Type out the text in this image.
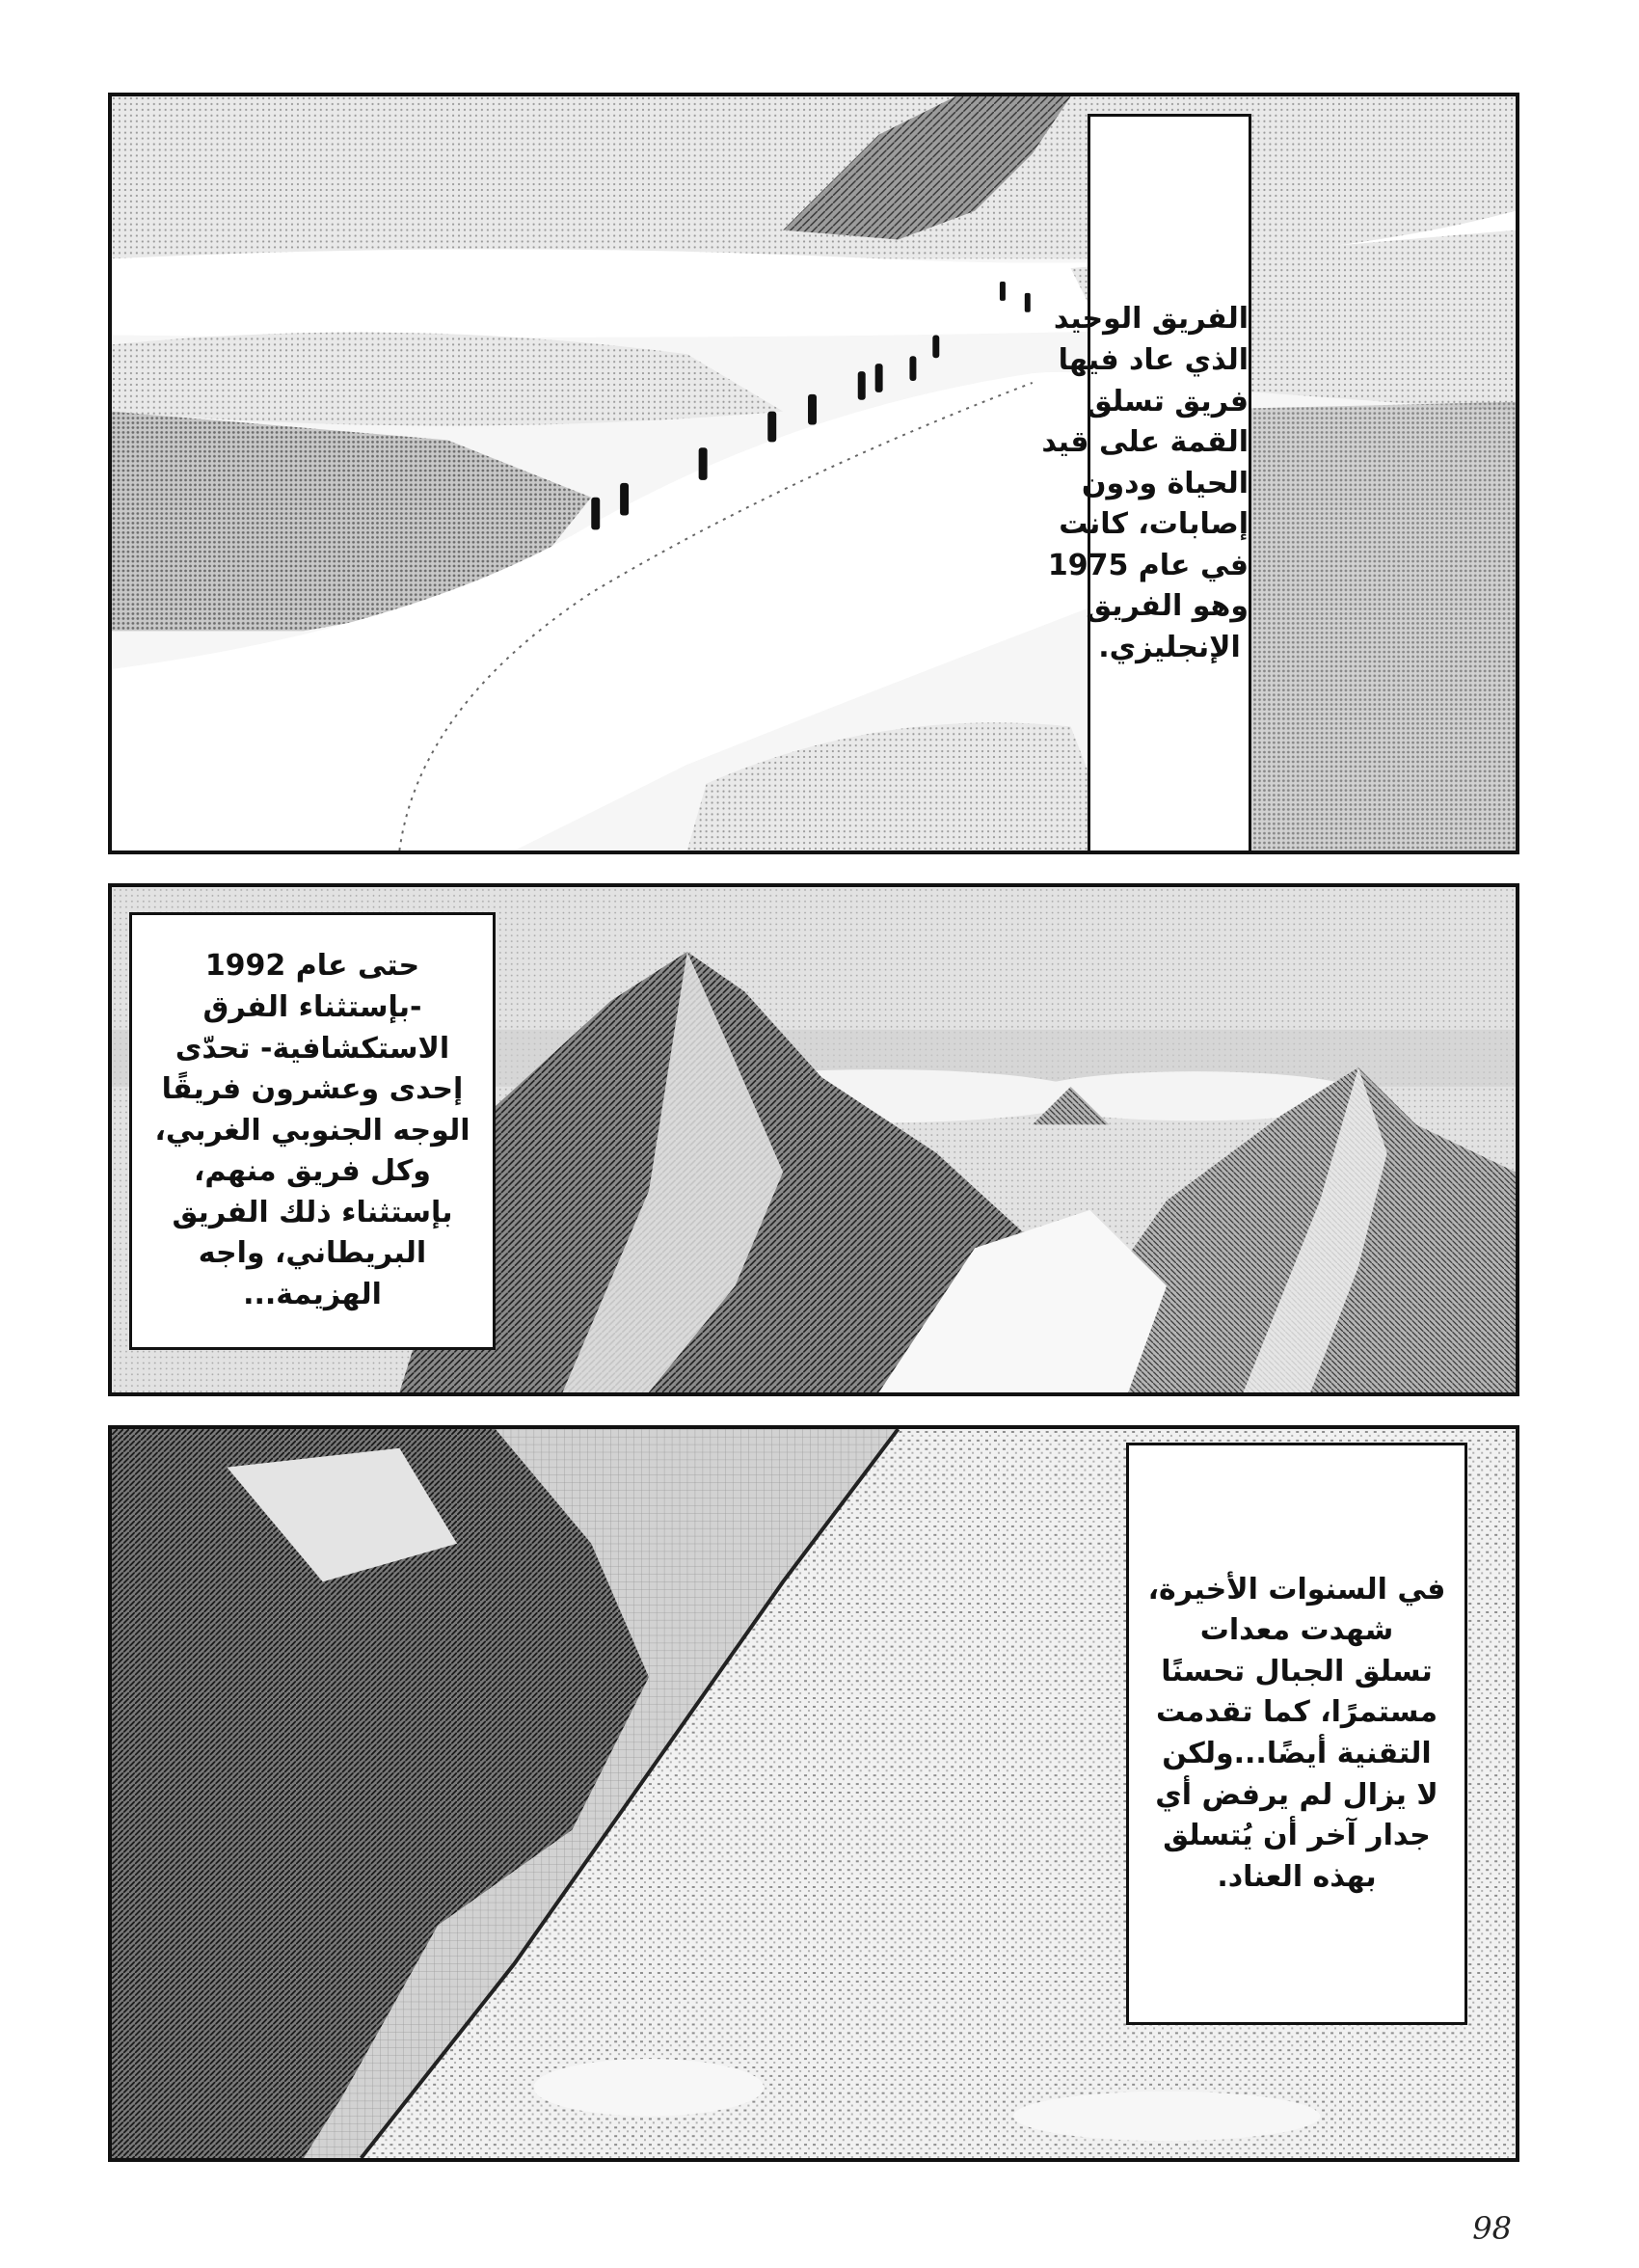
الفريق الوحيد
الذي عاد فيها
فريق تسلق
القمة على قيد
الحياة ودون
إصابات، كانت
في عام 1975
وهو الفريق
الإنجليزي.
حتى عام 1992
-بإستثناء الفرق
الاستكشافية- تحدّى
إحدى وعشرون فريقًا
الوجه الجنوبي الغربي،
وكل فريق منهم،
بإستثناء ذلك الفريق
البريطاني، واجه
الهزيمة...
في السنوات الأخيرة،
شهدت معدات
تسلق الجبال تحسنًا
مستمرًا، كما تقدمت
التقنية أيضًا...ولكن
لا يزال لم يرفض أي
جدار آخر أن يُتسلق
بهذه العناد.
98
